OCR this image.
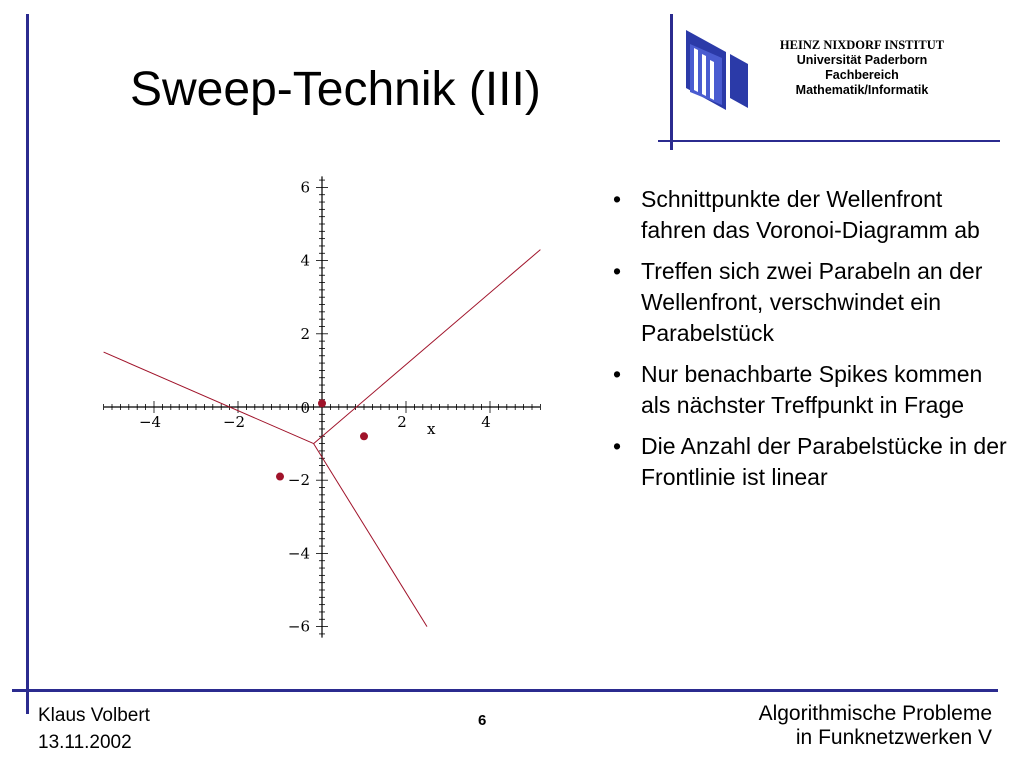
Sweep-Technik (III)
HEINZ NIXDORF INSTITUT
Universität Paderborn
Fachbereich
Mathematik/Informatik
−4	−2	2	4
6
4
2
0
−2
−4
−6
x
• Schnittpunkte der Wellenfront fahren das Voronoi-Diagramm ab
• Treffen sich zwei Parabeln an der Wellenfront, verschwindet ein Parabelstück
• Nur benachbarte Spikes kommen als nächster Treffpunkt in Frage
• Die Anzahl der Parabelstücke in der Frontlinie ist linear
Klaus Volbert
13.11.2002
6	Algorithmische Probleme
in Funknetzwerken V
